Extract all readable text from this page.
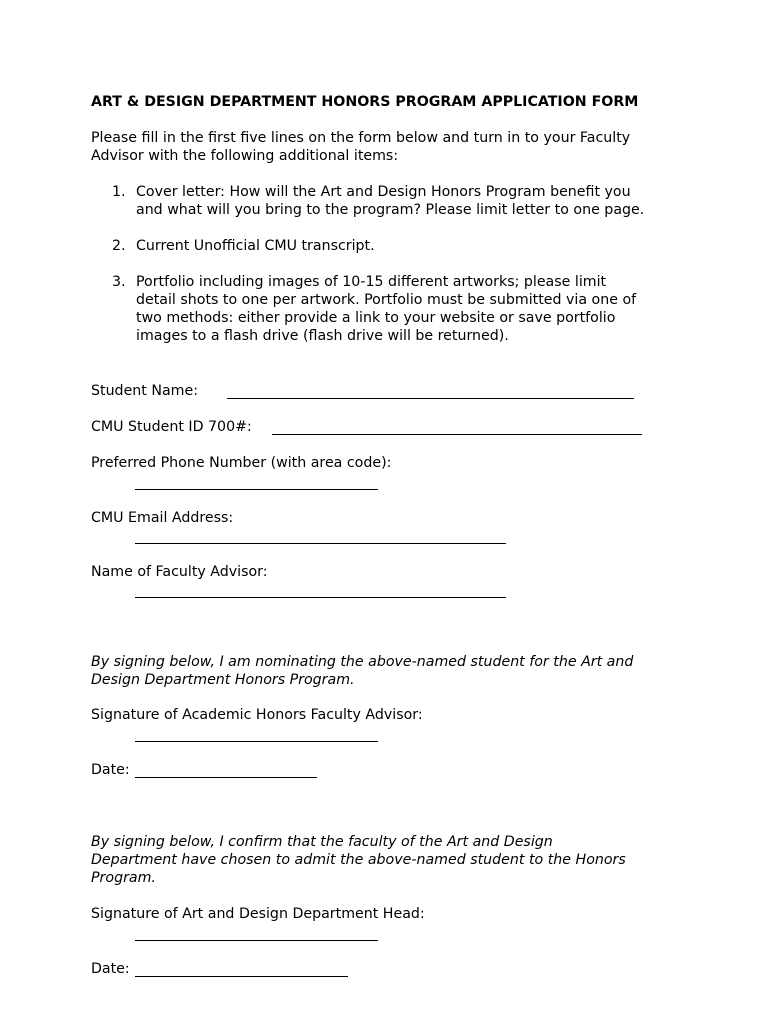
ART & DESIGN DEPARTMENT HONORS PROGRAM APPLICATION FORM
Please fill in the first five lines on the form below and turn in to your Faculty
Advisor with the following additional items:
1. Cover letter: How will the Art and Design Honors Program benefit you
and what will you bring to the program? Please limit letter to one page.
2. Current Unofficial CMU transcript.
3. Portfolio including images of 10-15 different artworks; please limit
detail shots to one per artwork. Portfolio must be submitted via one of
two methods: either provide a link to your website or save portfolio
images to a flash drive (flash drive will be returned).
Student Name:
CMU Student ID 700#:
Preferred Phone Number (with area code):
CMU Email Address:
Name of Faculty Advisor:
By signing below, I am nominating the above-named student for the Art and
Design Department Honors Program.
Signature of Academic Honors Faculty Advisor:
Date:
By signing below, I confirm that the faculty of the Art and Design
Department have chosen to admit the above-named student to the Honors
Program.
Signature of Art and Design Department Head:
Date:
